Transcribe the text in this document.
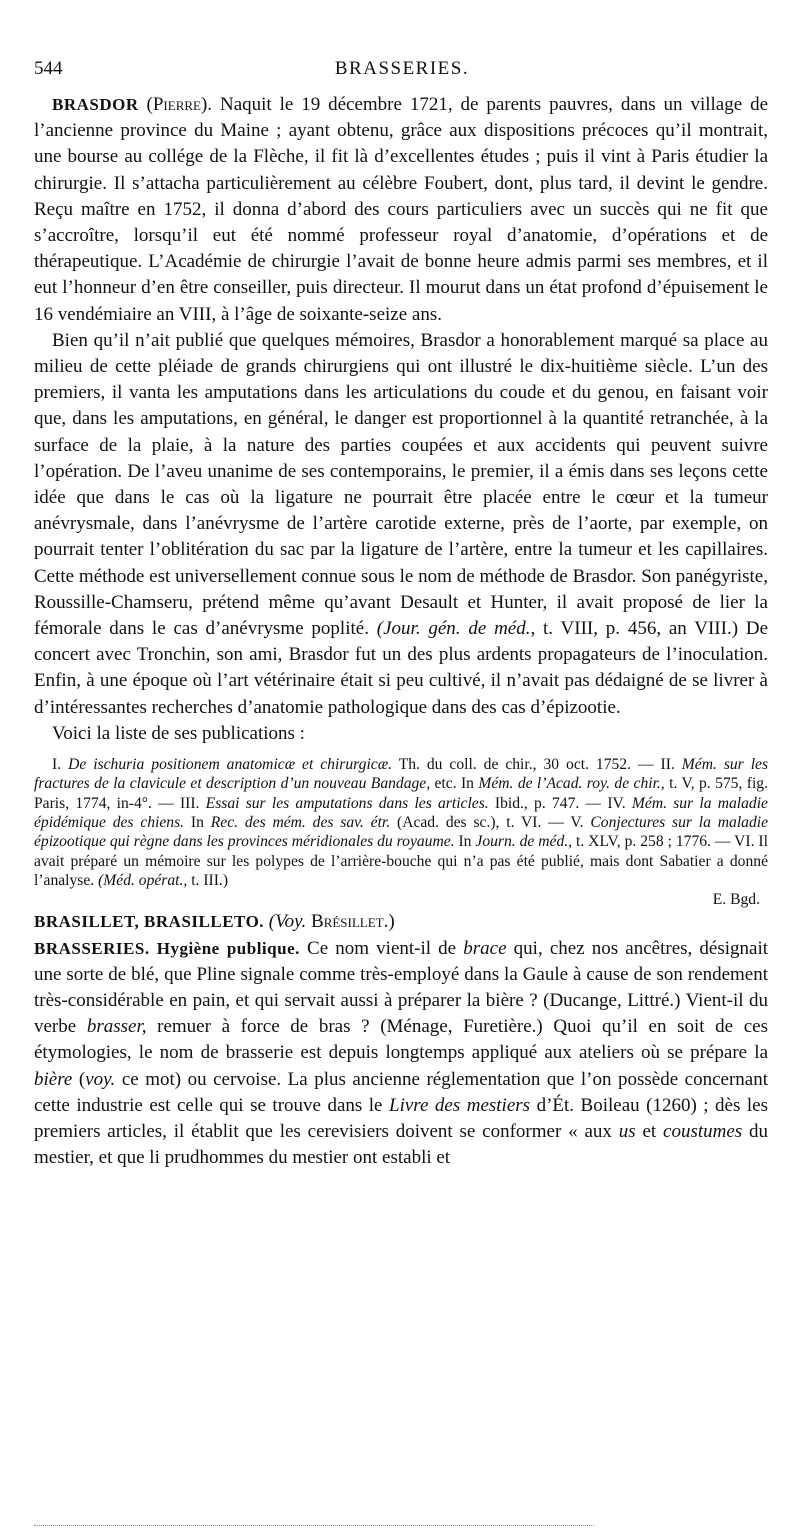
544	BRASSERIES.

BRASDOR (Pierre). Naquit le 19 décembre 1721, de parents pauvres, dans un village de l’ancienne province du Maine ; ayant obtenu, grâce aux dispositions précoces qu’il montrait, une bourse au collége de la Flèche, il fit là d’excellentes études ; puis il vint à Paris étudier la chirurgie. Il s’attacha particulièrement au célèbre Foubert, dont, plus tard, il devint le gendre. Reçu maître en 1752, il donna d’abord des cours particuliers avec un succès qui ne fit que s’accroître, lorsqu’il eut été nommé professeur royal d’anatomie, d’opérations et de thérapeutique. L’Académie de chirurgie l’avait de bonne heure admis parmi ses membres, et il eut l’honneur d’en être conseiller, puis directeur. Il mourut dans un état profond d’épuisement le 16 vendémiaire an VIII, à l’âge de soixante-seize ans.

Bien qu’il n’ait publié que quelques mémoires, Brasdor a honorablement marqué sa place au milieu de cette pléiade de grands chirurgiens qui ont illustré le dix-huitième siècle. L’un des premiers, il vanta les amputations dans les articulations du coude et du genou, en faisant voir que, dans les amputations, en général, le danger est proportionnel à la quantité retranchée, à la surface de la plaie, à la nature des parties coupées et aux accidents qui peuvent suivre l’opération. De l’aveu unanime de ses contemporains, le premier, il a émis dans ses leçons cette idée que dans le cas où la ligature ne pourrait être placée entre le cœur et la tumeur anévrysmale, dans l’anévrysme de l’artère carotide externe, près de l’aorte, par exemple, on pourrait tenter l’oblitération du sac par la ligature de l’artère, entre la tumeur et les capillaires. Cette méthode est universellement connue sous le nom de méthode de Brasdor. Son panégyriste, Roussille-Chamseru, prétend même qu’avant Desault et Hunter, il avait proposé de lier la fémorale dans le cas d’anévrysme poplité. (Jour. gén. de méd., t. VIII, p. 456, an VIII.) De concert avec Tronchin, son ami, Brasdor fut un des plus ardents propagateurs de l’inoculation. Enfin, à une époque où l’art vétérinaire était si peu cultivé, il n’avait pas dédaigné de se livrer à d’intéressantes recherches d’anatomie pathologique dans des cas d’épizootie.

Voici la liste de ses publications :

I. De ischuria positionem anatomicæ et chirurgicæ. Th. du coll. de chir., 30 oct. 1752. — II. Mém. sur les fractures de la clavicule et description d’un nouveau Bandage, etc. In Mém. de l’Acad. roy. de chir., t. V, p. 575, fig. Paris, 1774, in-4°. — III. Essai sur les amputations dans les articles. Ibid., p. 747. — IV. Mém. sur la maladie épidémique des chiens. In Rec. des mém. des sav. étr. (Acad. des sc.), t. VI. — V. Conjectures sur la maladie épizootique qui règne dans les provinces méridionales du royaume. In Journ. de méd., t. XLV, p. 258 ; 1776. — VI. Il avait préparé un mémoire sur les polypes de l’arrière-bouche qui n’a pas été publié, mais dont Sabatier a donné l’analyse. (Méd. opérat., t. III.)

E. Bgd.

BRASILLET, BRASILLETO. (Voy. Brésillet.)

BRASSERIES. Hygiène publique. Ce nom vient-il de brace qui, chez nos ancêtres, désignait une sorte de blé, que Pline signale comme très-employé dans la Gaule à cause de son rendement très-considérable en pain, et qui servait aussi à préparer la bière ? (Ducange, Littré.) Vient-il du verbe brasser, remuer à force de bras ? (Ménage, Furetière.) Quoi qu’il en soit de ces étymologies, le nom de brasserie est depuis longtemps appliqué aux ateliers où se prépare la bière (voy. ce mot) ou cervoise. La plus ancienne réglementation que l’on possède concernant cette industrie est celle qui se trouve dans le Livre des mestiers d’Ét. Boileau (1260) ; dès les premiers articles, il établit que les cerevisiers doivent se conformer « aux us et coustumes du mestier, et que li prudhommes du mestier ont establi et
